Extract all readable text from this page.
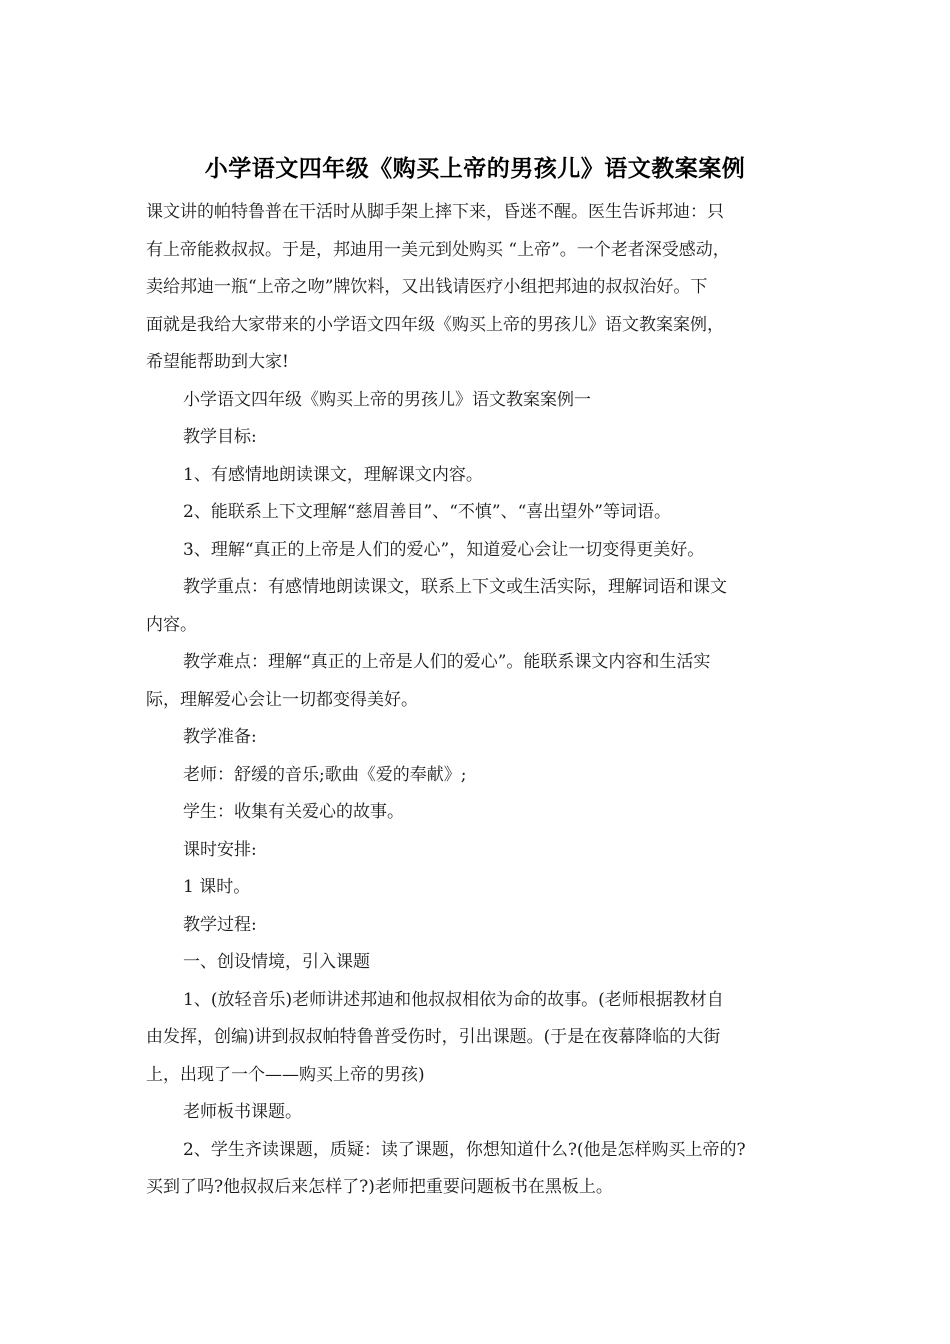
小学语文四年级《购买上帝的男孩儿》语文教案案例

课文讲的帕特鲁普在干活时从脚手架上摔下来，昏迷不醒。医生告诉邦迪：只
有上帝能救叔叔。于是，邦迪用一美元到处购买 “上帝”。一个老者深受感动，
卖给邦迪一瓶“上帝之吻”牌饮料，又出钱请医疗小组把邦迪的叔叔治好。下
面就是我给大家带来的小学语文四年级《购买上帝的男孩儿》语文教案案例，
希望能帮助到大家!

小学语文四年级《购买上帝的男孩儿》语文教案案例一

教学目标:

1、有感情地朗读课文，理解课文内容。

2、能联系上下文理解“慈眉善目”、“不慎”、“喜出望外”等词语。

3、理解“真正的上帝是人们的爱心”，知道爱心会让一切变得更美好。

教学重点：有感情地朗读课文，联系上下文或生活实际，理解词语和课文
内容。

教学难点：理解“真正的上帝是人们的爱心”。能联系课文内容和生活实
际，理解爱心会让一切都变得美好。

教学准备:

老师：舒缓的音乐;歌曲《爱的奉献》;

学生：收集有关爱心的故事。

课时安排:

1 课时。

教学过程:

一、创设情境，引入课题

1、(放轻音乐)老师讲述邦迪和他叔叔相依为命的故事。(老师根据教材自
由发挥，创编)讲到叔叔帕特鲁普受伤时，引出课题。(于是在夜幕降临的大街
上，出现了一个——购买上帝的男孩)

老师板书课题。

2、学生齐读课题，质疑：读了课题，你想知道什么?(他是怎样购买上帝的?
买到了吗?他叔叔后来怎样了?)老师把重要问题板书在黑板上。
